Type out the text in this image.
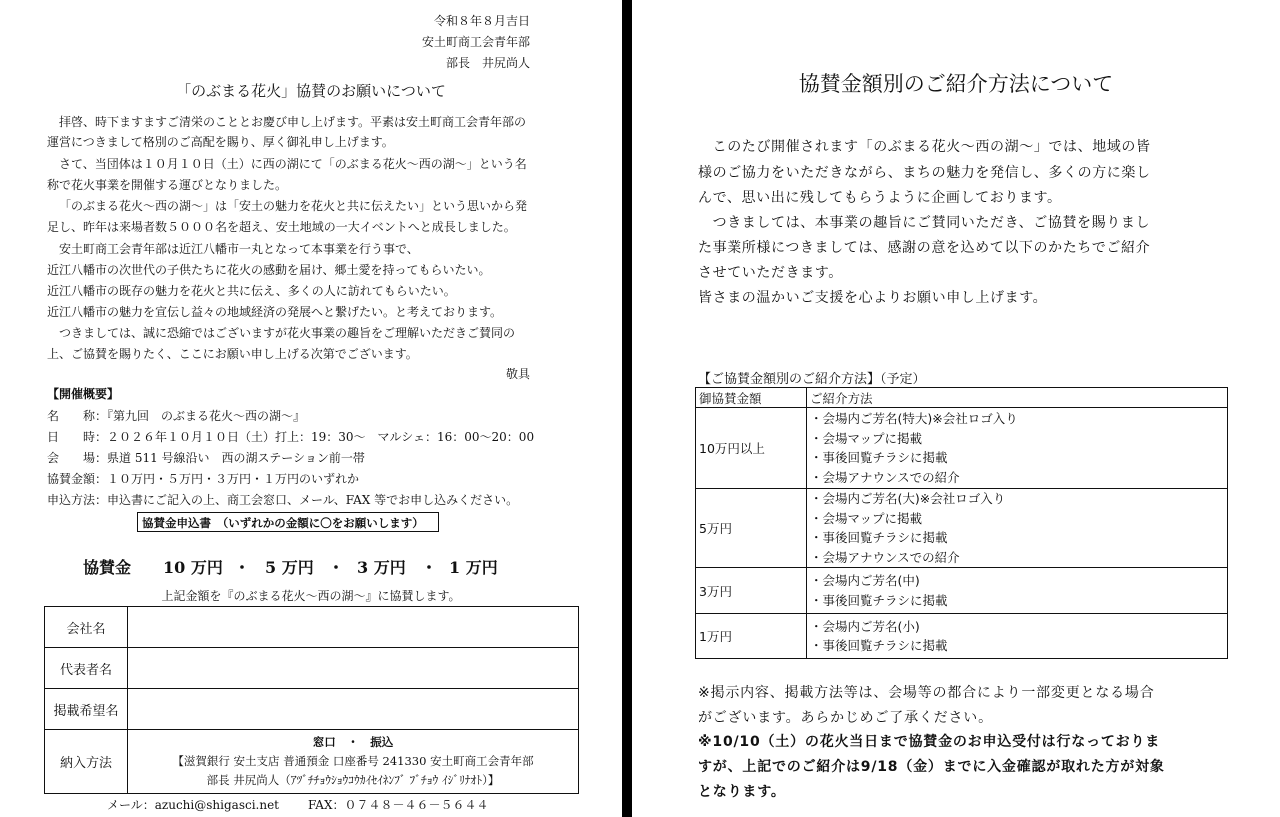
令和８年８月吉日
安土町商工会青年部
部長　井尻尚人
「のぶまる花火」協賛のお願いについて
拝啓、時下ますますご清栄のこととお慶び申し上げます。平素は安土町商工会青年部の
運営につきまして格別のご高配を賜り、厚く御礼申し上げます。
さて、当団体は１０月１０日（土）に西の湖にて「のぶまる花火～西の湖～」という名
称で花火事業を開催する運びとなりました。
「のぶまる花火～西の湖～」は「安土の魅力を花火と共に伝えたい」という思いから発
足し、昨年は来場者数５０００名を超え、安土地域の一大イベントへと成長しました。
安土町商工会青年部は近江八幡市一丸となって本事業を行う事で、
近江八幡市の次世代の子供たちに花火の感動を届け、郷土愛を持ってもらいたい。
近江八幡市の既存の魅力を花火と共に伝え、多くの人に訪れてもらいたい。
近江八幡市の魅力を宣伝し益々の地域経済の発展へと繋げたい。と考えております。
つきましては、誠に恐縮ではございますが花火事業の趣旨をご理解いただきご賛同の
上、ご協賛を賜りたく、ここにお願い申し上げる次第でございます。
敬具
【開催概要】
名　　称：『第九回　のぶまる花火～西の湖～』
日　　時：２０２６年１０月１０日（土）打上：19：30～　マルシェ：16：00～20：00
会　　場：県道 511 号線沿い　西の湖ステーション前一帯
協賛金額：１０万円・５万円・３万円・１万円のいずれか
申込方法：申込書にご記入の上、商工会窓口、メール、FAX 等でお申し込みください。
協賛金申込書　（いずれかの金額に〇をお願いします）
協賛金 10 万円 ・ 5 万円 ・ 3 万円 ・ 1 万円
上記金額を『のぶまる花火～西の湖～』に協賛します。
会社名	
代表者名	
掲載希望名	
納入方法	窓口　・　振込
【滋賀銀行 安土支店 普通預金 口座番号 241330 安土町商工会青年部
部長 井尻尚人（ｱﾂﾞﾁﾁｮｳｼｮｳｺｳｶｲｾｲﾈﾝﾌﾞ ﾌﾞﾁｮｳ ｲｼﾞﾘﾅｵﾄ）】
メール：azuchi@shigasci.net FAX：０７４８－４６－５６４４
協賛金額別のご紹介方法について
　このたび開催されます「のぶまる花火～西の湖～」では、地域の皆
様のご協力をいただきながら、まちの魅力を発信し、多くの方に楽し
んで、思い出に残してもらうように企画しております。
　つきましては、本事業の趣旨にご賛同いただき、ご協賛を賜りまし
た事業所様につきましては、感謝の意を込めて以下のかたちでご紹介
させていただきます。
皆さまの温かいご支援を心よりお願い申し上げます。
【ご協賛金額別のご紹介方法】（予定）
御協賛金額	ご紹介方法
10万円以上	・会場内ご芳名(特大)※会社ロゴ入り
・会場マップに掲載
・事後回覧チラシに掲載
・会場アナウンスでの紹介

5万円	・会場内ご芳名(大)※会社ロゴ入り
・会場マップに掲載
・事後回覧チラシに掲載
・会場アナウンスでの紹介

3万円	・会場内ご芳名(中)
・事後回覧チラシに掲載

1万円	・会場内ご芳名(小)
・事後回覧チラシに掲載
※掲示内容、掲載方法等は、会場等の都合により一部変更となる場合
がございます。あらかじめご了承ください。
※10/10（土）の花火当日まで協賛金のお申込受付は行なっておりま
すが、上記でのご紹介は9/18（金）までに入金確認が取れた方が対象
となります。
